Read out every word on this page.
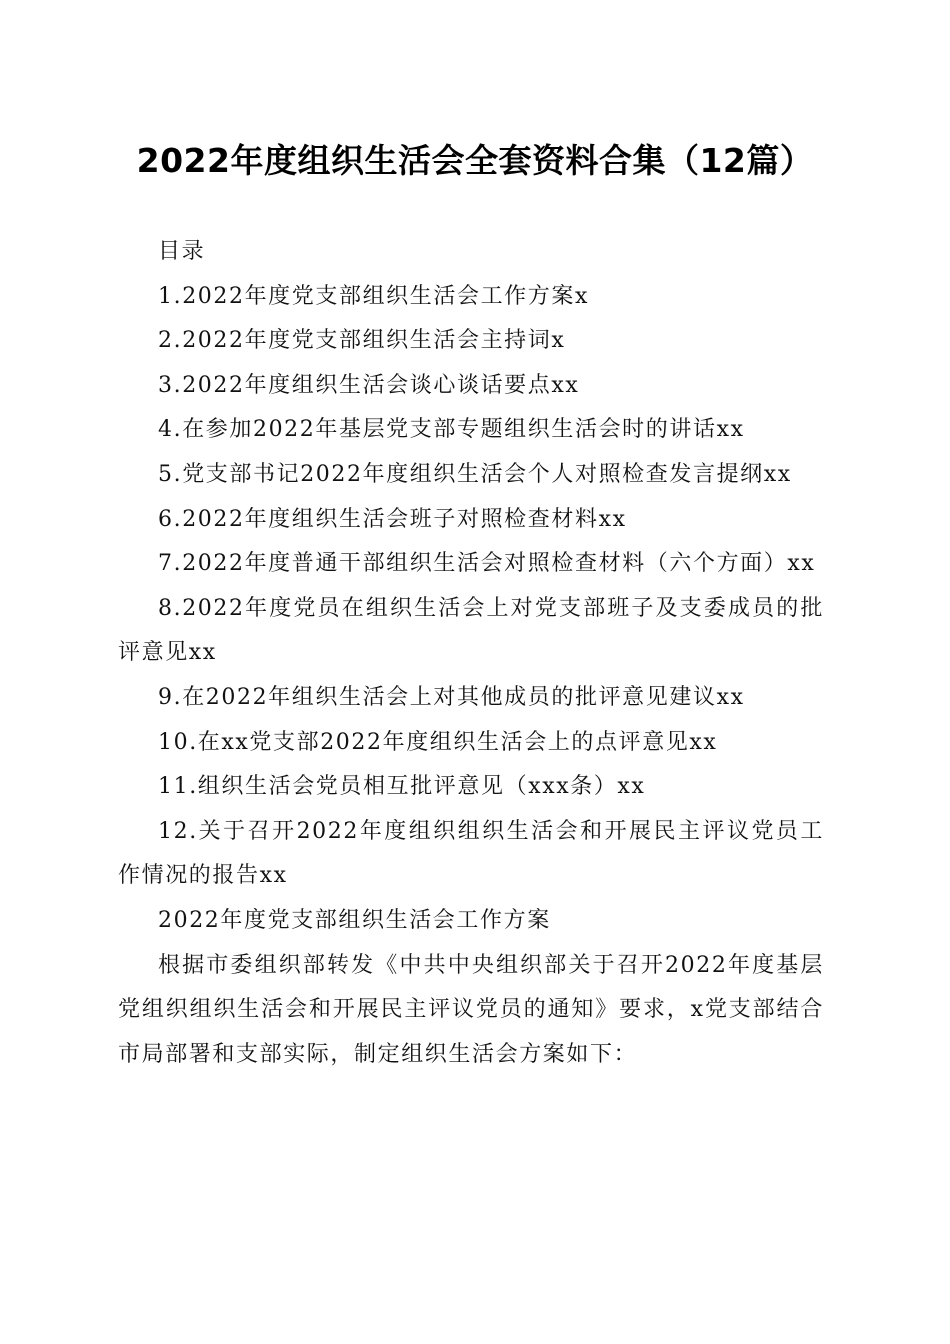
2022年度组织生活会全套资料合集（12篇）

目录

1.2022年度党支部组织生活会工作方案x

2.2022年度党支部组织生活会主持词x

3.2022年度组织生活会谈心谈话要点xx

4.在参加2022年基层党支部专题组织生活会时的讲话xx

5.党支部书记2022年度组织生活会个人对照检查发言提纲xx

6.2022年度组织生活会班子对照检查材料xx

7.2022年度普通干部组织生活会对照检查材料（六个方面）xx

8.2022年度党员在组织生活会上对党支部班子及支委成员的批评意见xx

9.在2022年组织生活会上对其他成员的批评意见建议xx

10.在xx党支部2022年度组织生活会上的点评意见xx

11.组织生活会党员相互批评意见（xxx条）xx

12.关于召开2022年度组织组织生活会和开展民主评议党员工作情况的报告xx

2022年度党支部组织生活会工作方案

根据市委组织部转发《中共中央组织部关于召开2022年度基层党组织组织生活会和开展民主评议党员的通知》要求，x党支部结合市局部署和支部实际，制定组织生活会方案如下：
